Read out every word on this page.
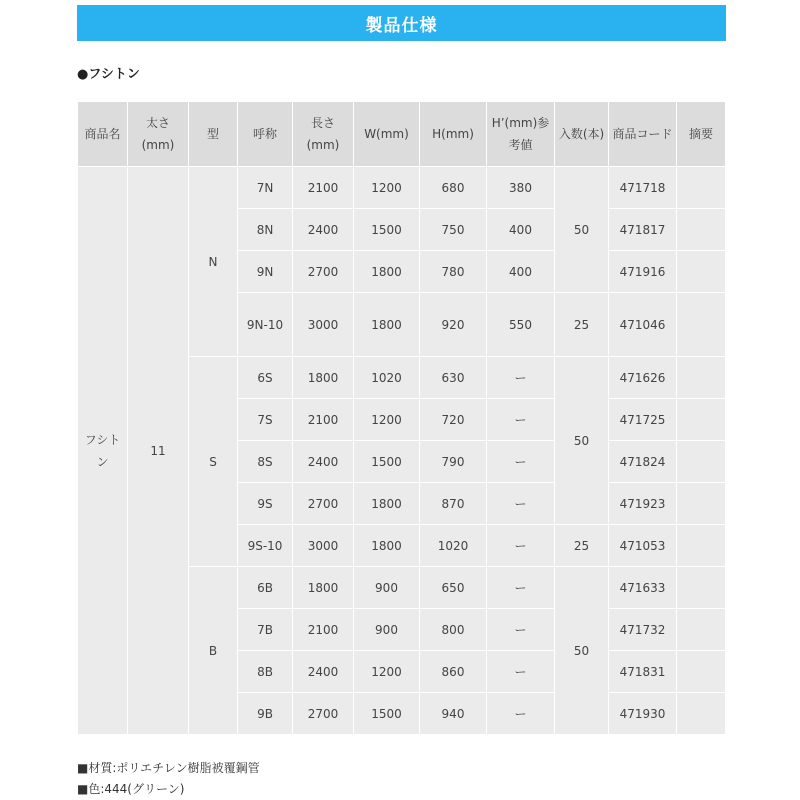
製品仕様
●フシトン
商品名	太さ(mm)	型	呼称	長さ(mm)	W(mm)	H(mm)	H’(mm)参考値	入数(本)	商品コード	摘要
フシトン	11	N	7N	2100	1200	680	380	50	471718	
			8N	2400	1500	750	400		471817	
			9N	2700	1800	780	400		471916	
			9N-10	3000	1800	920	550	25	471046	
		S	6S	1800	1020	630	ー	50	471626	
			7S	2100	1200	720	ー		471725	
			8S	2400	1500	790	ー		471824	
			9S	2700	1800	870	ー		471923	
			9S-10	3000	1800	1020	ー	25	471053	
		B	6B	1800	900	650	ー	50	471633	
			7B	2100	900	800	ー		471732	
			8B	2400	1200	860	ー		471831	
			9B	2700	1500	940	ー		471930	
■材質:ポリエチレン樹脂被覆鋼管
■色:444(グリーン)
